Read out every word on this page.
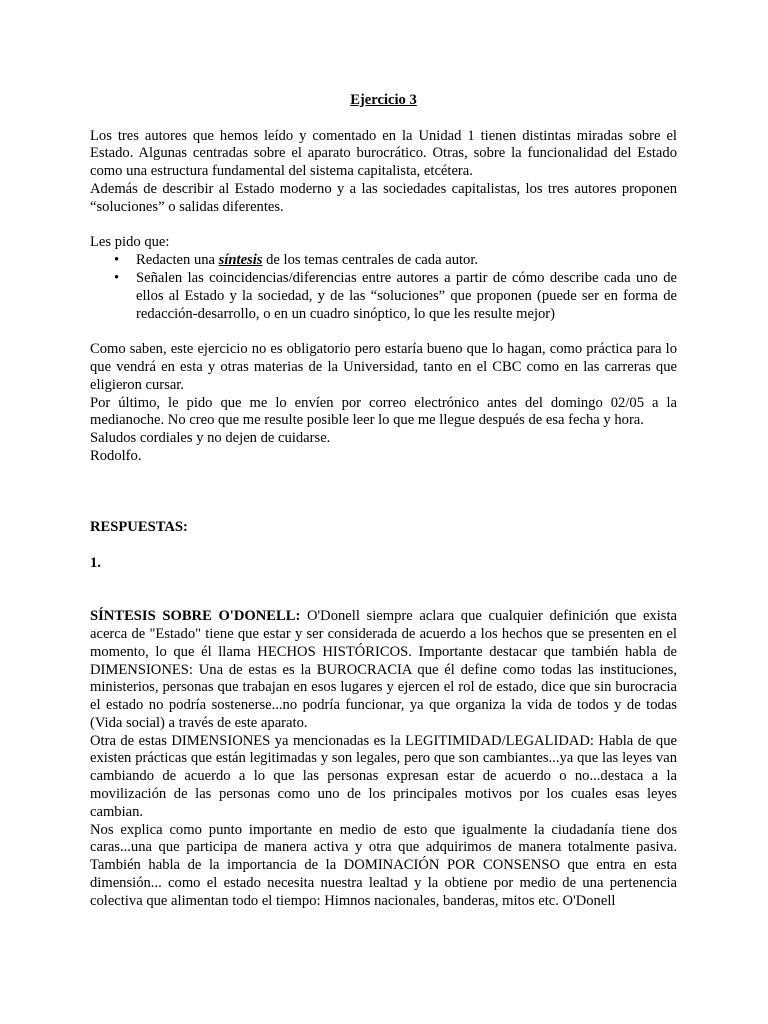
Ejercicio 3

Los tres autores que hemos leído y comentado en la Unidad 1 tienen distintas miradas sobre el Estado. Algunas centradas sobre el aparato burocrático. Otras, sobre la funcionalidad del Estado como una estructura fundamental del sistema capitalista, etcétera.

Además de describir al Estado moderno y a las sociedades capitalistas, los tres autores proponen “soluciones” o salidas diferentes.

Les pido que:

• Redacten una síntesis de los temas centrales de cada autor.
• Señalen las coincidencias/diferencias entre autores a partir de cómo describe cada uno de ellos al Estado y la sociedad, y de las “soluciones” que proponen (puede ser en forma de redacción-desarrollo, o en un cuadro sinóptico, lo que les resulte mejor)

Como saben, este ejercicio no es obligatorio pero estaría bueno que lo hagan, como práctica para lo que vendrá en esta y otras materias de la Universidad, tanto en el CBC como en las carreras que eligieron cursar.

Por último, le pido que me lo envíen por correo electrónico antes del domingo 02/05 a la medianoche. No creo que me resulte posible leer lo que me llegue después de esa fecha y hora.

Saludos cordiales y no dejen de cuidarse.

Rodolfo.

RESPUESTAS:

1.

SÍNTESIS SOBRE O'DONELL: O'Donell siempre aclara que cualquier definición que exista acerca de "Estado" tiene que estar y ser considerada de acuerdo a los hechos que se presenten en el momento, lo que él llama HECHOS HISTÓRICOS. Importante destacar que también habla de DIMENSIONES: Una de estas es la BUROCRACIA que él define como todas las instituciones, ministerios, personas que trabajan en esos lugares y ejercen el rol de estado, dice que sin burocracia el estado no podría sostenerse...no podría funcionar, ya que organiza la vida de todos y de todas (Vida social) a través de este aparato.

Otra de estas DIMENSIONES ya mencionadas es la LEGITIMIDAD/LEGALIDAD: Habla de que existen prácticas que están legitimadas y son legales, pero que son cambiantes...ya que las leyes van cambiando de acuerdo a lo que las personas expresan estar de acuerdo o no...destaca a la movilización de las personas como uno de los principales motivos por los cuales esas leyes cambian.

Nos explica como punto importante en medio de esto que igualmente la ciudadanía tiene dos caras...una que participa de manera activa y otra que adquirimos de manera totalmente pasiva. También habla de la importancia de la DOMINACIÓN POR CONSENSO que entra en esta dimensión... como el estado necesita nuestra lealtad y la obtiene por medio de una pertenencia colectiva que alimentan todo el tiempo: Himnos nacionales, banderas, mitos etc. O'Donell
